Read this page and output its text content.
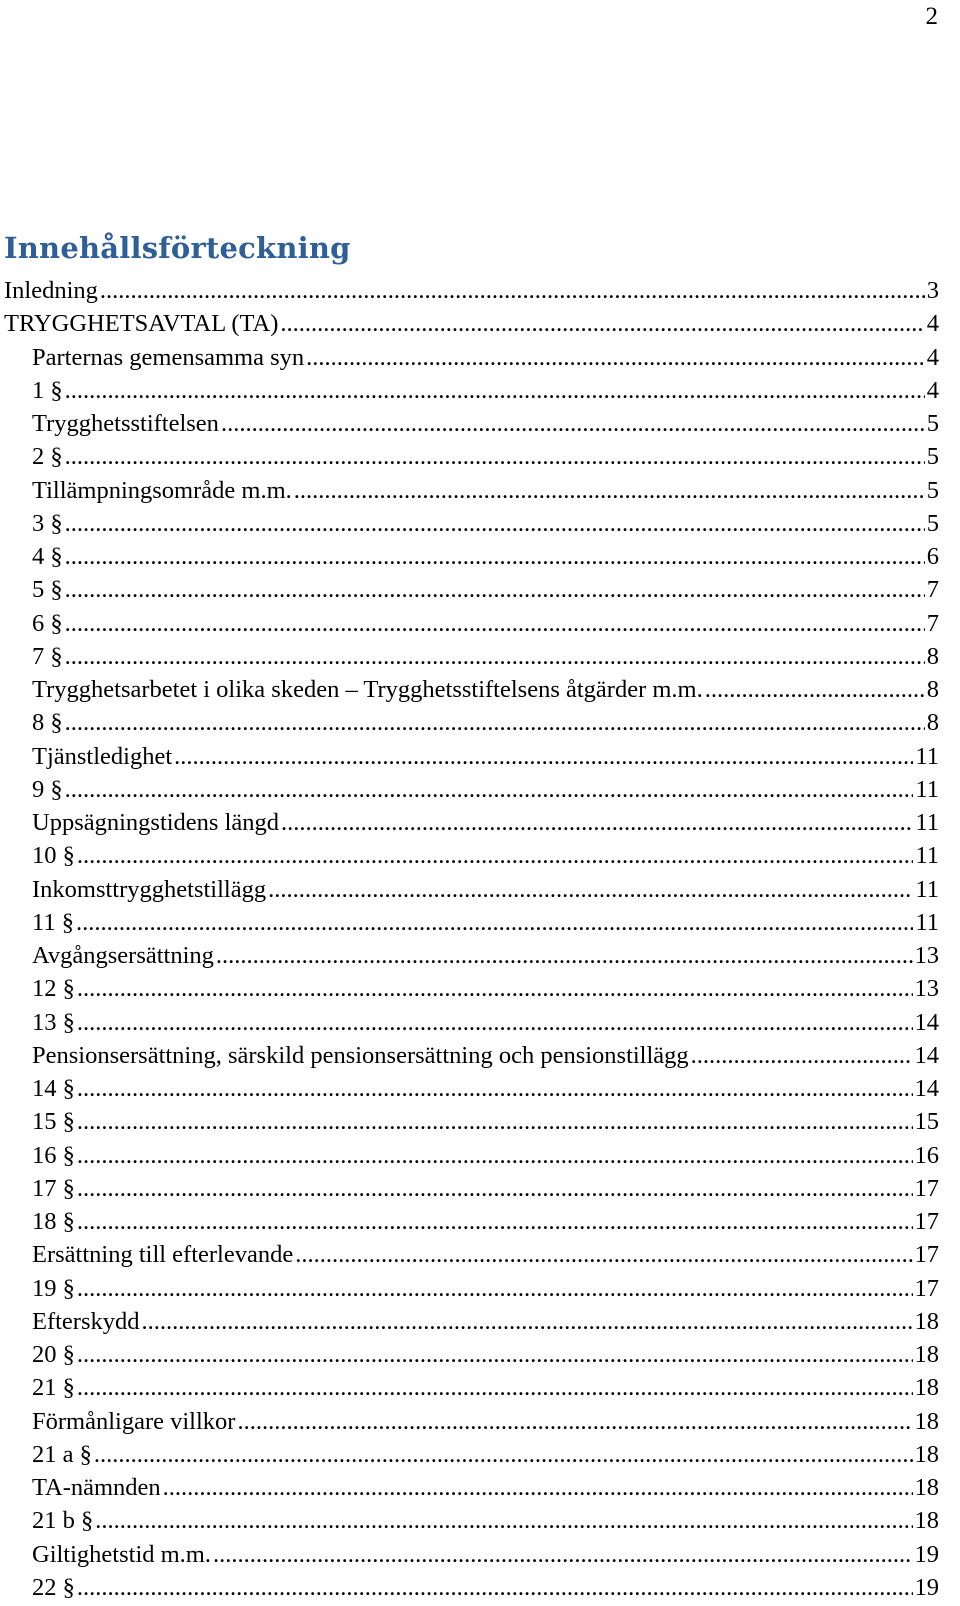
2
Innehållsförteckning
Inledning .....	3
TRYGGHETSAVTAL (TA) .....	4
Parternas gemensamma syn .....	4
1 § .....	4
Trygghetsstiftelsen .....	5
2 § .....	5
Tillämpningsområde m.m. .....	5
3 § .....	5
4 § .....	6
5 § .....	7
6 § .....	7
7 § .....	8
Trygghetsarbetet i olika skeden – Trygghetsstiftelsens åtgärder m.m. .....	8
8 § .....	8
Tjänstledighet .....	11
9 § .....	11
Uppsägningstidens längd .....	11
10 § .....	11
Inkomsttrygghetstillägg .....	11
11 § .....	11
Avgångsersättning .....	13
12 § .....	13
13 § .....	14
Pensionsersättning, särskild pensionsersättning och pensionstillägg .....	14
14 § .....	14
15 § .....	15
16 § .....	16
17 § .....	17
18 § .....	17
Ersättning till efterlevande .....	17
19 § .....	17
Efterskydd .....	18
20 § .....	18
21 § .....	18
Förmånligare villkor .....	18
21 a § .....	18
TA-nämnden .....	18
21 b § .....	18
Giltighetstid m.m. .....	19
22 § .....	19
